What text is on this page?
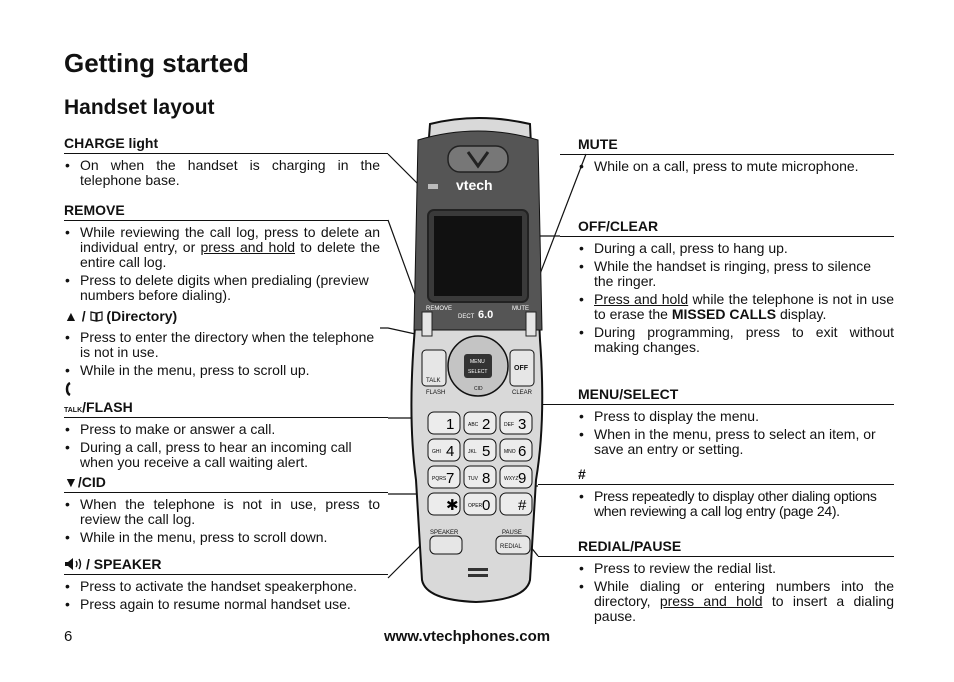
Getting started
Handset layout
CHARGE light
• On when the handset is charging in the telephone base.
REMOVE
• While reviewing the call log, press to delete an individual entry, or press and hold to delete the entire call log.
• Press to delete digits when predialing (preview numbers before dialing).
▲ /  (Directory)
• Press to enter the directory when the telephone is not in use.
• While in the menu, press to scroll up.
TALK/FLASH
• Press to make or answer a call.
• During a call, press to hear an incoming call when you receive a call waiting alert.
▼/CID
• When the telephone is not in use, press to review the call log.
• While in the menu, press to scroll down.
/ SPEAKER
• Press to activate the handset speakerphone.
• Press again to resume normal handset use.
MUTE
• While on a call, press to mute microphone.
OFF/CLEAR
• During a call, press to hang up.
• While the handset is ringing, press to silence the ringer.
• Press and hold while the telephone is not in use to erase the MISSED CALLS display.
• During programming, press to exit without making changes.
MENU/SELECT
• Press to display the menu.
• When in the menu, press to select an item, or save an entry or setting.
#
• Press repeatedly to display other dialing options when reviewing a call log entry (page 24).
REDIAL/PAUSE
• Press to review the redial list.
• While dialing or entering numbers into the directory, press and hold to insert a dialing pause.
6	www.vtechphones.com
1	ABC 2	DEF 3
GHI 4	JKL 5	MNO 6
PQRS 7	TUV 8	WXYZ 9
✱ OPER 0 #
vtech
DECT 6.0
REMOVE	MUTE
TALK
FLASH
OFF
CLEAR
MENU
SELECT
CID
SPEAKER	PAUSE
REDIAL
